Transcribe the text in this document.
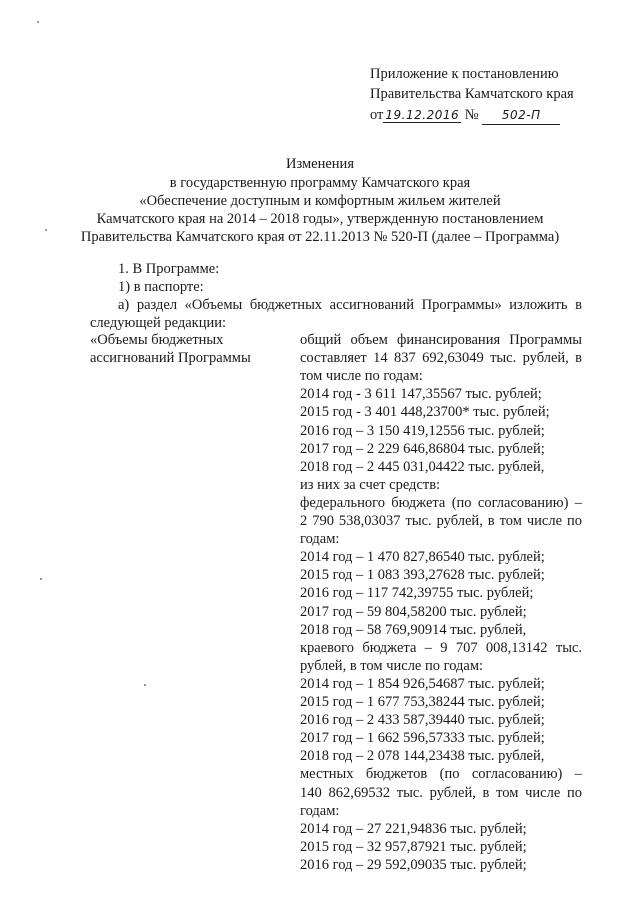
Приложение к постановлению
Правительства Камчатского края
от 19.12.2016 № 502-П
Изменения
в государственную программу Камчатского края
«Обеспечение доступным и комфортным жильем жителей
Камчатского края на 2014 – 2018 годы», утвержденную постановлением
Правительства Камчатского края от 22.11.2013 № 520-П (далее – Программа)
1. В Программе:
1) в паспорте:
а) раздел «Объемы бюджетных ассигнований Программы» изложить в
следующей редакции:
«Объемы бюджетных
ассигнований Программы
общий объем финансирования Программы
составляет 14 837 692,63049 тыс. рублей, в
том числе по годам:
2014 год - 3 611 147,35567 тыс. рублей;
2015 год - 3 401 448,23700* тыс. рублей;
2016 год – 3 150 419,12556 тыс. рублей;
2017 год – 2 229 646,86804 тыс. рублей;
2018 год – 2 445 031,04422 тыс. рублей,
из них за счет средств:
федерального бюджета (по согласованию) –
2 790 538,03037 тыс. рублей, в том числе по
годам:
2014 год – 1 470 827,86540 тыс. рублей;
2015 год – 1 083 393,27628 тыс. рублей;
2016 год – 117 742,39755 тыс. рублей;
2017 год – 59 804,58200 тыс. рублей;
2018 год – 58 769,90914 тыс. рублей,
краевого бюджета – 9 707 008,13142 тыс.
рублей, в том числе по годам:
2014 год – 1 854 926,54687 тыс. рублей;
2015 год – 1 677 753,38244 тыс. рублей;
2016 год – 2 433 587,39440 тыс. рублей;
2017 год – 1 662 596,57333 тыс. рублей;
2018 год – 2 078 144,23438 тыс. рублей,
местных бюджетов (по согласованию) –
140 862,69532 тыс. рублей, в том числе по
годам:
2014 год – 27 221,94836 тыс. рублей;
2015 год – 32 957,87921 тыс. рублей;
2016 год – 29 592,09035 тыс. рублей;
